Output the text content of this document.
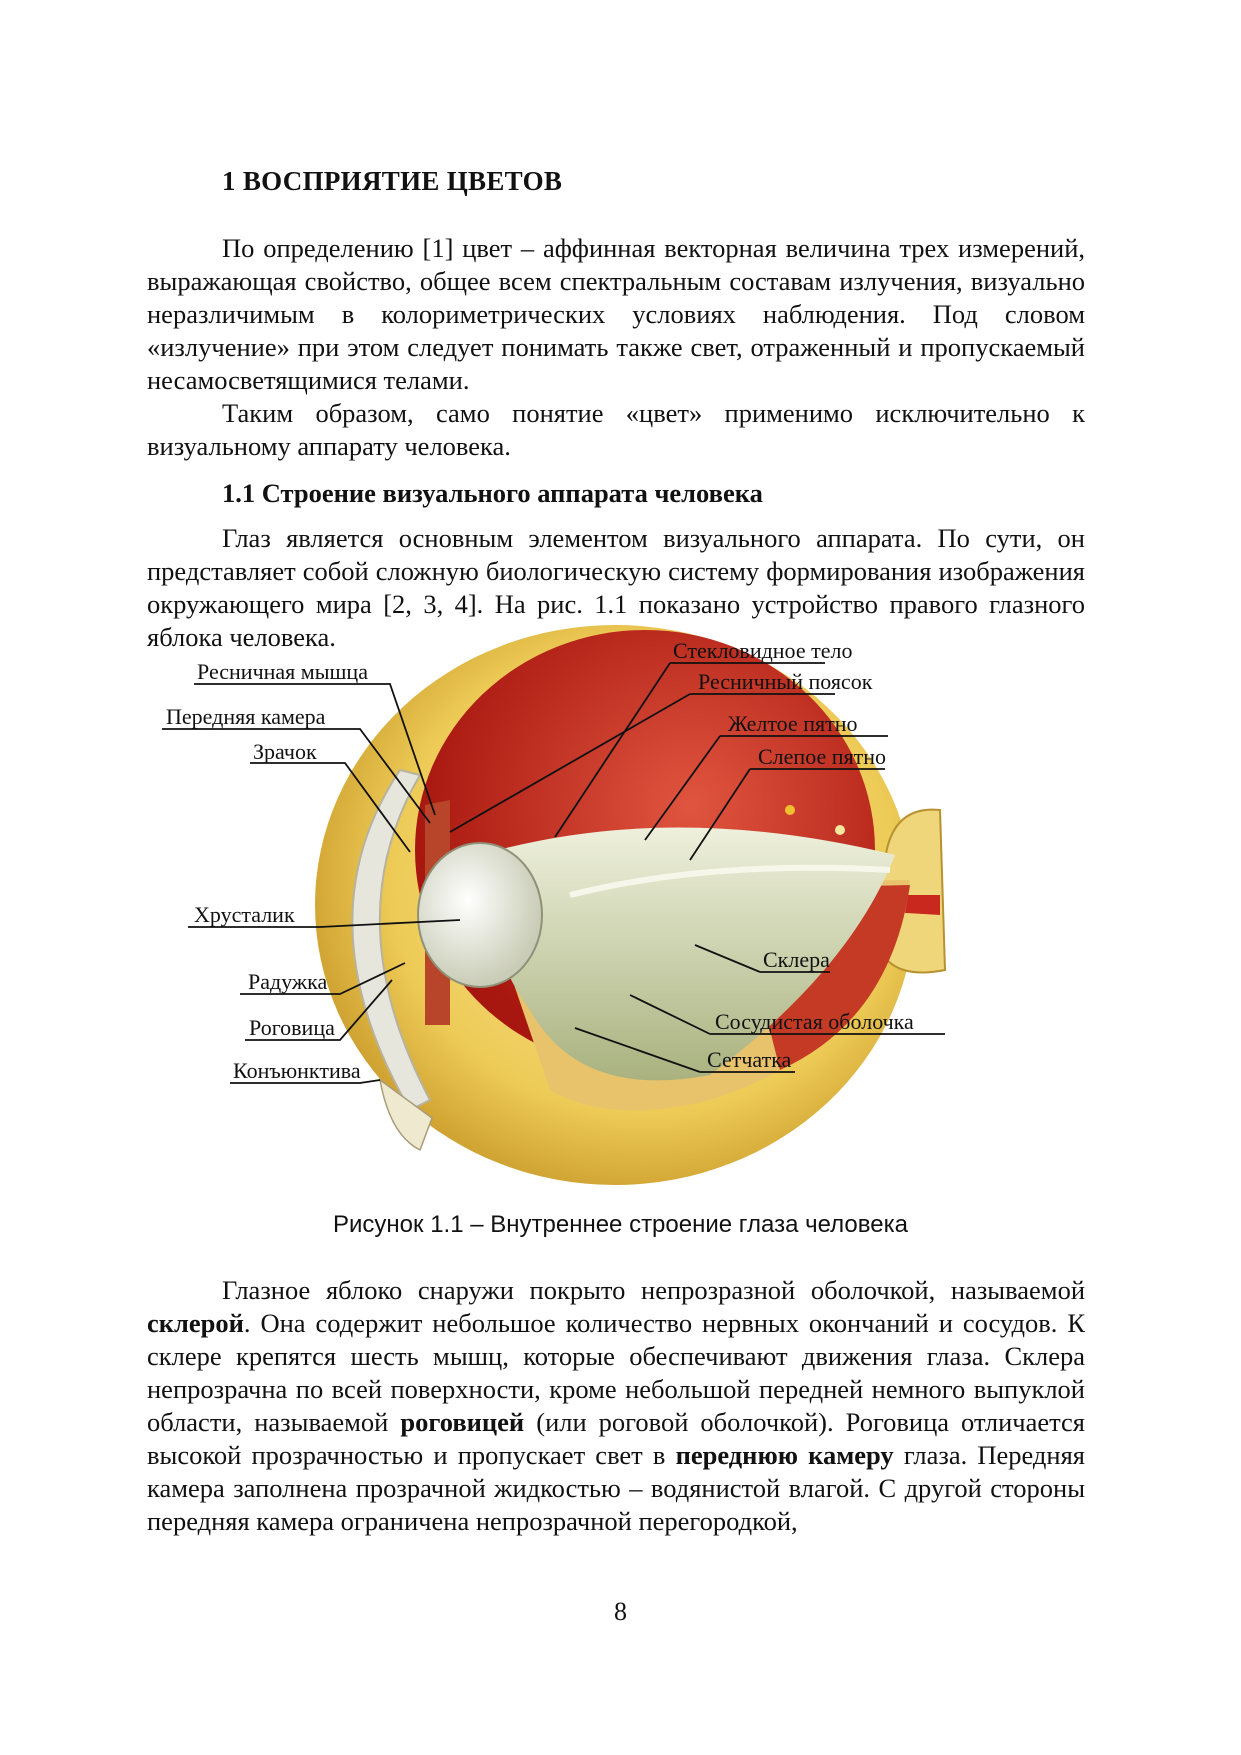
1 ВОСПРИЯТИЕ ЦВЕТОВ

По определению [1] цвет – аффинная векторная величина трех измерений, выражающая свойство, общее всем спектральным составам излучения, визуально неразличимым в колориметрических условиях наблюдения. Под словом «излучение» при этом следует понимать также свет, отраженный и пропускаемый несамосветящимися телами.

Таким образом, само понятие «цвет» применимо исключительно к визуальному аппарату человека.

1.1 Строение визуального аппарата человека

Глаз является основным элементом визуального аппарата. По сути, он представляет собой сложную биологическую систему формирования изображения окружающего мира [2, 3, 4]. На рис. 1.1 показано устройство правого глазного яблока человека.	Стекловидное тело
Ресничный поясок
Ресничная мышца
Передняя камера
Зрачок
Желтое пятно
Слепое пятно
Хрусталик
Склера
Радужка
Сосудистая оболочка
Роговица
Сетчатка
Конъюнктива
Рисунок 1.1 – Внутреннее строение глаза человека

Глазное яблоко снаружи покрыто непрозразной оболочкой, называемой склерой. Она содержит небольшое количество нервных окончаний и сосудов. К склере крепятся шесть мышц, которые обеспечивают движения глаза. Склера непрозрачна по всей поверхности, кроме небольшой передней немного выпуклой области, называемой роговицей (или роговой оболочкой). Роговица отличается высокой прозрачностью и пропускает свет в переднюю камеру глаза. Передняя камера заполнена прозрачной жидкостью – водянистой влагой. С другой стороны передняя камера ограничена непрозрачной перегородкой,

8
